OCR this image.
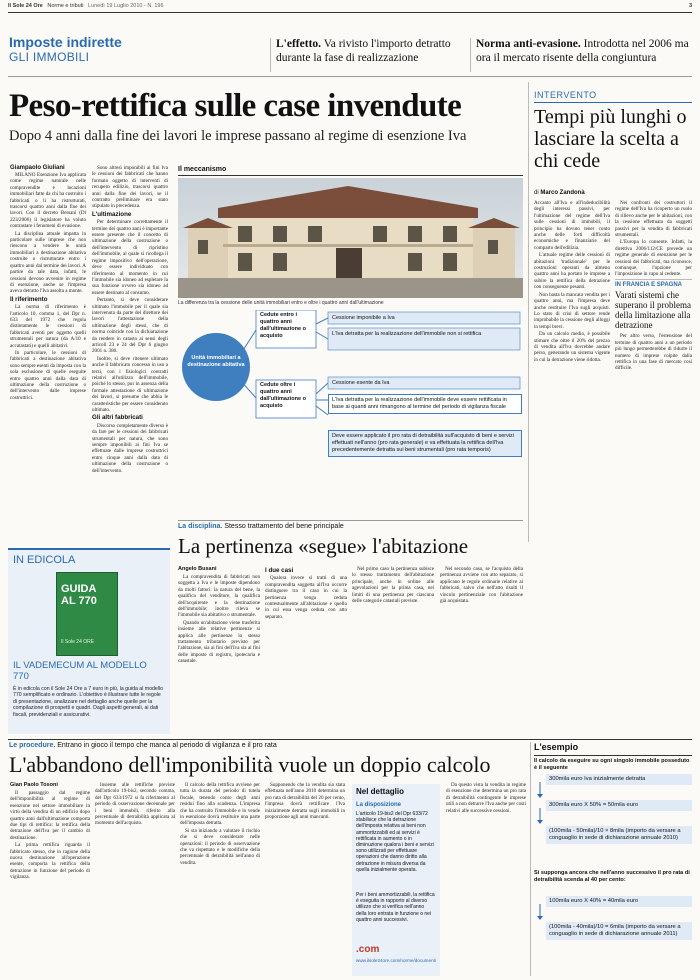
Il Sole 24 Ore Norme e tributi Lunedì 19 Luglio 2010 - N. 196	3
Imposte indirette
GLI IMMOBILI
L'effetto. Va rivisto l'importo detratto durante la fase di realizzazione
Norma anti-evasione. Introdotta nel 2006 ma ora il mercato risente della congiuntura
Peso-rettifica sulle case invendute
Dopo 4 anni dalla fine dei lavori le imprese passano al regime di esenzione Iva
Giampaolo Giuliani

MILANO Esenzione Iva applicata come regime naturale nelle compravendite e locazioni immobiliari fatte da chi ha costruito i fabbricati o li ha ristrutturati, trascorsi quattro anni dalla fine dei lavori. Con il decreto Bersani (Dl 223/2006) il legislatore ha voluto contrastare i fenomeni di evasione.

La disciplina attuale impatta in particolare sulle imprese che non riescono a vendere le unità immobiliari a destinazione abitativa costruite o ristrutturate entro i quattro anni dal termine dei lavori. A partire da tale data, infatti, le cessioni devono avvenire in regime di esenzione, anche se l'impresa aveva detratto l'Iva assolta a monte.

Il riferimento

La norma di riferimento è l'articolo 10, comma 1, del Dpr n. 633 del 1972 che regola distintamente le cessioni di fabbricati aventi per oggetto quelli strumentali per natura (da A/10 e accatastati) e quelli abitativi.

In particolare, le cessioni di fabbricati a destinazione abitativa sono sempre esenti da imposta con la sola esclusione di quelle eseguite entro quattro anni dalla data di ultimazione della costruzione o dell'intervento dalle imprese costruttrici.

Sono altresì imponibili ai fini Iva le cessioni dei fabbricati che hanno formato oggetto di interventi di recupero edilizio, trascorsi quattro anni dalla fine dei lavori, se il contratto preliminare era stato stipulato in precedenza.

L'ultimazione

Per determinare correttamente il termine dei quattro anni è importante essere presente che il concetto di ultimazione della costruzione o dell'intervento di ripristino dell'immobile, al quale si ricollega il regime impositivo dell'operazione, deve essere individuato con riferimento al momento in cui l'immobile sia idoneo ad espletare la sua funzione ovvero sia idoneo ad essere destinato al consumo.

Pertanto, si deve considerare ultimato l'immobile per il quale sia intervenuta da parte del direttore dei lavori l'attestazione della ultimazione degli stessi, che di norma coincide con la dichiarazione da rendere in catasto ai sensi degli articoli 23 e 24 del Dpr 6 giugno 2001 n. 380.

Inoltre, si deve ritenere ultimato anche il fabbricato concesso in uso a terzi, con i fisiologici contratti relativi all'utilizzo dell'immobile, poiché lo stesso, pur in assenza della formale attestazione di ultimazione dei lavori, si presume che abbia le caratteristiche per essere considerato ultimato.

Gli altri fabbricati

Discorso completamente diverso è da fare per le cessioni dei fabbricati strumentali per natura, che sono sempre imponibili ai fini Iva se effettuate dalle imprese costruttrici entro cinque anni dalla data di ultimazione della costruzione o dell'intervento.

Il meccanismo
La differenza tra la cessione delle unità immobiliari entro e oltre i quattro anni dall'ultimazione
Unità immobiliari a destinazione abitativa
Cedute entro i quattro anni dall'ultimazione o acquisto
Cedute oltre i quattro anni dall'ultimazione o acquisto
Cessione imponibile a Iva
L'Iva detratta per la realizzazione dell'immobile non si rettifica
Cessione esente da Iva
L'Iva detratta per la realizzazione dell'immobile deve essere rettificata in base ai quanti anni rimangono al termine del periodo di vigilanza fiscale
Deve essere applicato il pro rata di detraibilità sull'acquisto di beni e servizi effettuati nell'anno (pro rata generale) e va effettuata la rettifica dell'Iva precedentemente detratta sui beni strumentali (pro rata temporis)
INTERVENTO
Tempi più lunghi o lasciare la scelta a chi cede
di Marco Zandonà

Accanto all'Iva e all'indeducibilità degli interessi passivi, per l'ultimazione del regime dell'Iva sulle cessioni di immobili, il principio ha dovuto tener conto anche delle forti difficoltà economiche e finanziarie del comparto dell'edilizia.

L'attuale regime delle cessioni di abitazioni 'tradizionale' per le costruzioni operanti da almeno quattro anni ha portato le imprese a subire la rettifica della detrazione con conseguenze pesanti.

Non basta la mancata vendita per i quattro anni, ma l'impresa deve anche restituire l'Iva sugli acquisti. Lo stato di crisi di settore rende improbabile la cessione degli alloggi in tempi brevi.

Da un calcolo medio, è possibile stimare che oltre il 20% del prezzo di vendita all'Iva dovrebbe andare perso, generando un sistema vigente in cui la detrazione viene ridotta.

Nei confronti dei costruttori il regime dell'Iva ha ricoperto un ruolo di rilievo anche per le abitazioni, con la cessione effettuata da soggetti passivi per la vendita di fabbricati strumentali.

L'Europa lo consente. Infatti, la direttiva 2006/112/CE prevede un regime generale di esenzione per le cessioni dei fabbricati, ma riconosce, comunque, l'opzione per l'imposizione in capo al cedente.

IN FRANCIA E SPAGNA
Varati sistemi che superano il problema della limitazione alla detrazione

Per altro verso, l'estensione del termine di quattro anni a un periodo più lungo permetterebbe di ridurre il numero di imprese colpite dalla rettifica in una fase di mercato così difficile.

La disciplina. Stesso trattamento del bene principale
La pertinenza «segue» l'abitazione
Angelo Busani

La compravendita di fabbricati non soggetta a Iva e le imposte dipendono da molti fattori: la natura del bene, la qualifica del venditore, la qualifica dell'acquirente e la destinazione dell'immobile; inoltre rileva se l'immobile sia abitativo o strumentale.

Quando un'abitazione viene trasferita insieme alle relative pertinenze si applica alle pertinenze lo stesso trattamento tributario previsto per l'abitazione, sia ai fini dell'Iva sia ai fini delle imposte di registro, ipotecaria e catastale.

I due casi

Qualora invece si tratti di una compravendita soggetta all'Iva occorre distinguere tra il caso in cui la pertinenza venga ceduta contestualmente all'abitazione e quello in cui essa venga ceduta con atto separato.

Nel primo caso la pertinenza subisce lo stesso trattamento dell'abitazione principale, anche in ordine alle agevolazioni per la prima casa, nei limiti di una pertinenza per ciascuna delle categorie catastali previste.

Nel secondo caso, se l'acquisto della pertinenza avviene con atto separato, si applicano le regole ordinarie relative ai fabbricati, salvo che nell'atto risulti il vincolo pertinenziale con l'abitazione già acquistata.

IN EDICOLA
GUIDA AL 770
Il Sole 24 ORE
IL VADEMECUM AL MODELLO 770
È in edicola con il Sole 24 Ore a 7 euro in più, la guida al modello 770 semplificato e ordinario. L'obiettivo è illustrare tutte le regole di presentazione, analizzare nel dettaglio anche quelle per la compilazione di prospetti e quadri. Dagli aspetti generali, ai dati fiscali, previdenziali e assicurativi.
Le procedure. Entrano in gioco il tempo che manca al periodo di vigilanza e il pro rata
L'abbandono dell'imponibilità vuole un doppio calcolo
Gian Paolo Tosoni

Il passaggio dal regime dell'imponibilità al regime di esenzione nel settore immobiliare in virtù della vendita di un edificio dopo quattro anni dall'ultimazione comporta due tipi di rettifica: la rettifica della detrazione dell'Iva per il cambio di destinazione.

La prima rettifica riguarda il fabbricato stesso, che in ragione della nuova destinazione all'operazione esente, comporta la rettifica della detrazione in funzione del periodo di vigilanza.

Insieme alle rettifiche previste dall'articolo 19-bis2, secondo comma, del Dpr 633/1972 si fa riferimento al periodo di osservazione decennale per i beni immobili, riferito alla percentuale di detraibilità applicata al momento dell'acquisto.

Il calcolo della rettifica avviene per tutta la durata del periodo di tutela fiscale, tenendo conto degli anni residui fino alla scadenza. L'impresa che ha costruito l'immobile e lo vende in esenzione dovrà restituire una parte dell'imposta detratta.

Si sta iniziando a valutare il rischio che si deve considerare nelle operazioni: il periodo di osservazione che va rispettato e le modifiche della percentuale di detraibilità nell'anno di vendita.

Supponendo che la vendita sia stata effettuata nell'anno 2010 determina un pro rata di detraibilità del 20 per cento, l'impresa dovrà rettificare l'Iva inizialmente detratta sugli immobili in proporzione agli anni mancanti.

Nel dettaglio
La disposizione
L'articolo 19-bis2 del Dpr 633/72 stabilisce che la detrazione dell'imposta relativa ai beni non ammortizzabili ed ai servizi è rettificata in aumento o in diminuzione qualora i beni e servizi sono utilizzati per effettuare operazioni che danno diritto alla detrazione in misura diversa da quella inizialmente operata.
Per i beni ammortizzabili, la rettifica è eseguita in rapporto al diverso utilizzo che si verifica nell'anno della loro entrata in funzione o nei quattro anni successivi.
.com
www.ilsole24ore.com/norme/documenti

Da questo vista la vendita in regime di esenzione che determina un pro rata di detraibilità contingente le imprese utili a non detrarre l'Iva anche per costi relativi alle successive cessioni.

L'esempio
Il calcolo da eseguire su ogni singolo immobile posseduto è il seguente
300mila euro Iva inizialmente detratta
300mila euro X 50% = 50mila euro
(100mila - 50mila)/10 × 8mila (importo da versare a conguaglio in sede di dichiarazione annuale 2010)
Si supponga ancora che nell'anno successivo il pro rata di detraibilità scenda al 40 per cento:
100mila euro X 40% = 40mila euro
(100mila - 40mila)/10 = 6mila (importo da versare a conguaglio in sede di dichiarazione annuale 2011)
